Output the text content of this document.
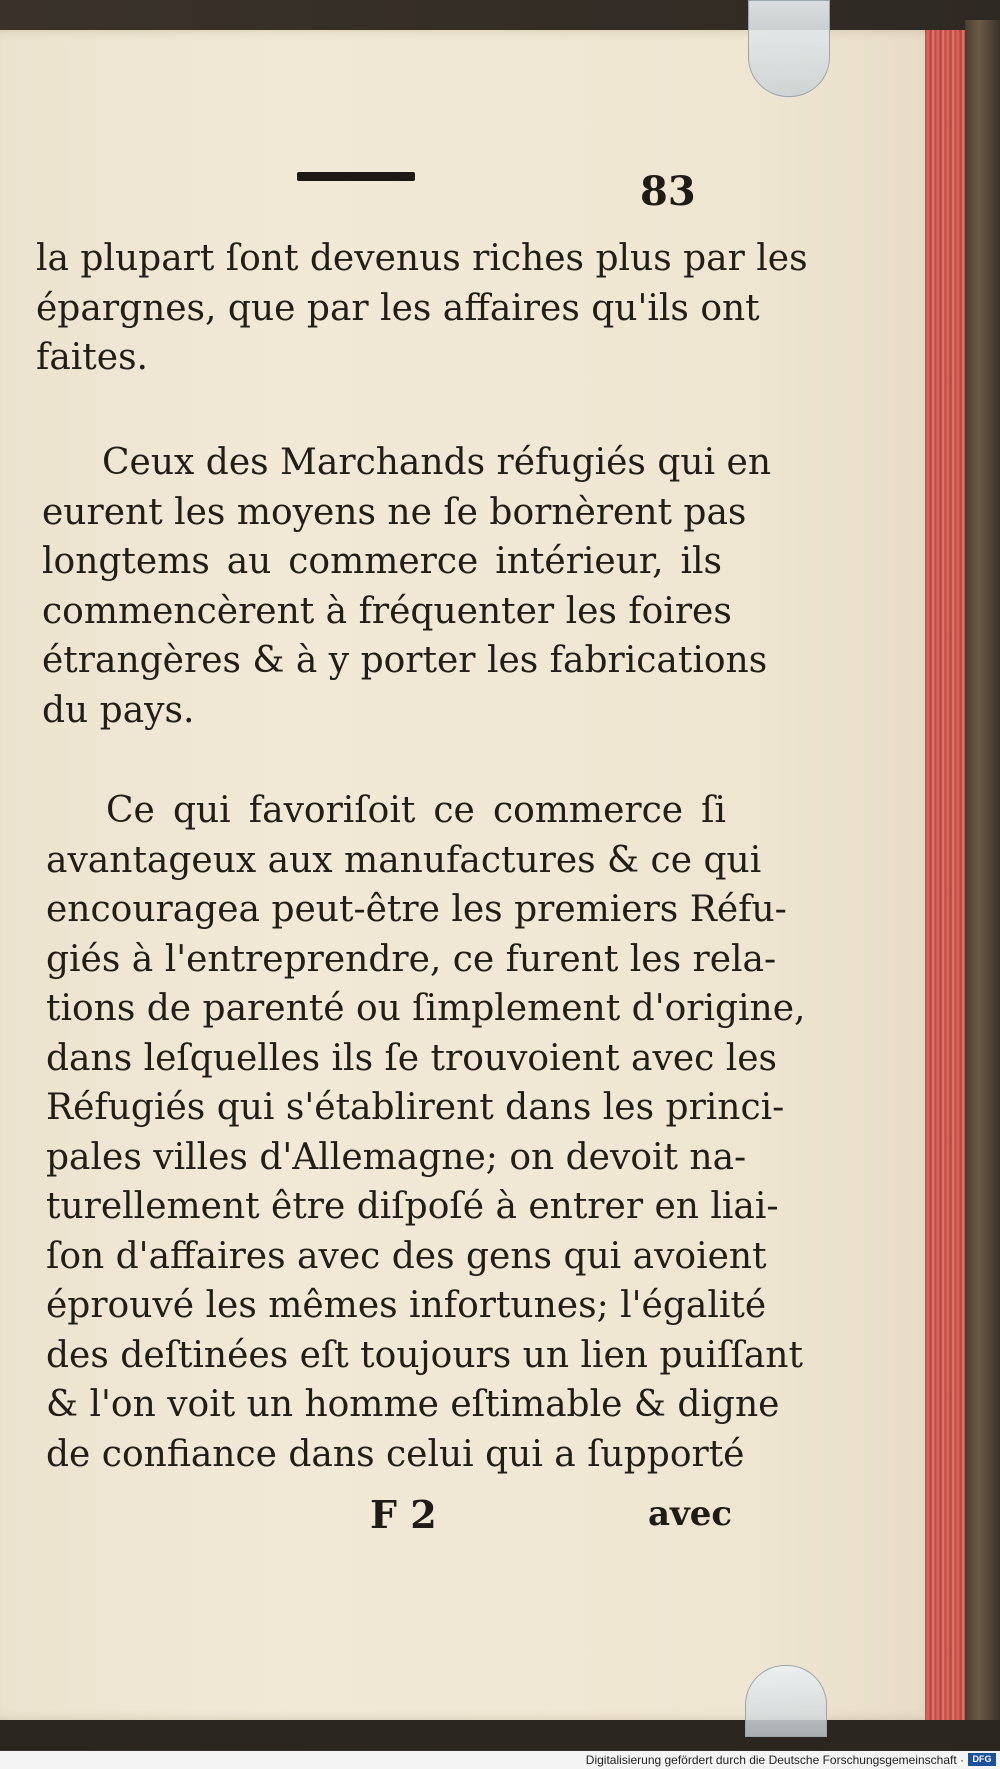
83
la plupart ſont devenus riches plus par les
épargnes, que par les affaires qu'ils ont
faites.
Ceux des Marchands réfugiés qui en
eurent les moyens ne ſe bornèrent pas
longtems au commerce intérieur, ils
commencèrent à fréquenter les foires
étrangères & à y porter les fabrications
du pays.
Ce qui favoriſoit ce commerce ſi
avantageux aux manufactures & ce qui
encouragea peut-être les premiers Réfu-
giés à l'entreprendre, ce furent les rela-
tions de parenté ou ſimplement d'origine,
dans leſquelles ils ſe trouvoient avec les
Réfugiés qui s'établirent dans les princi-
pales villes d'Allemagne; on devoit na-
turellement être diſpoſé à entrer en liai-
ſon d'affaires avec des gens qui avoient
éprouvé les mêmes infortunes; l'égalité
des deſtinées eſt toujours un lien puiſſant
& l'on voit un homme eſtimable & digne
de confiance dans celui qui a ſupporté
F 2	avec
Digitalisierung gefördert durch die Deutsche Forschungsgemeinschaft · DFG
